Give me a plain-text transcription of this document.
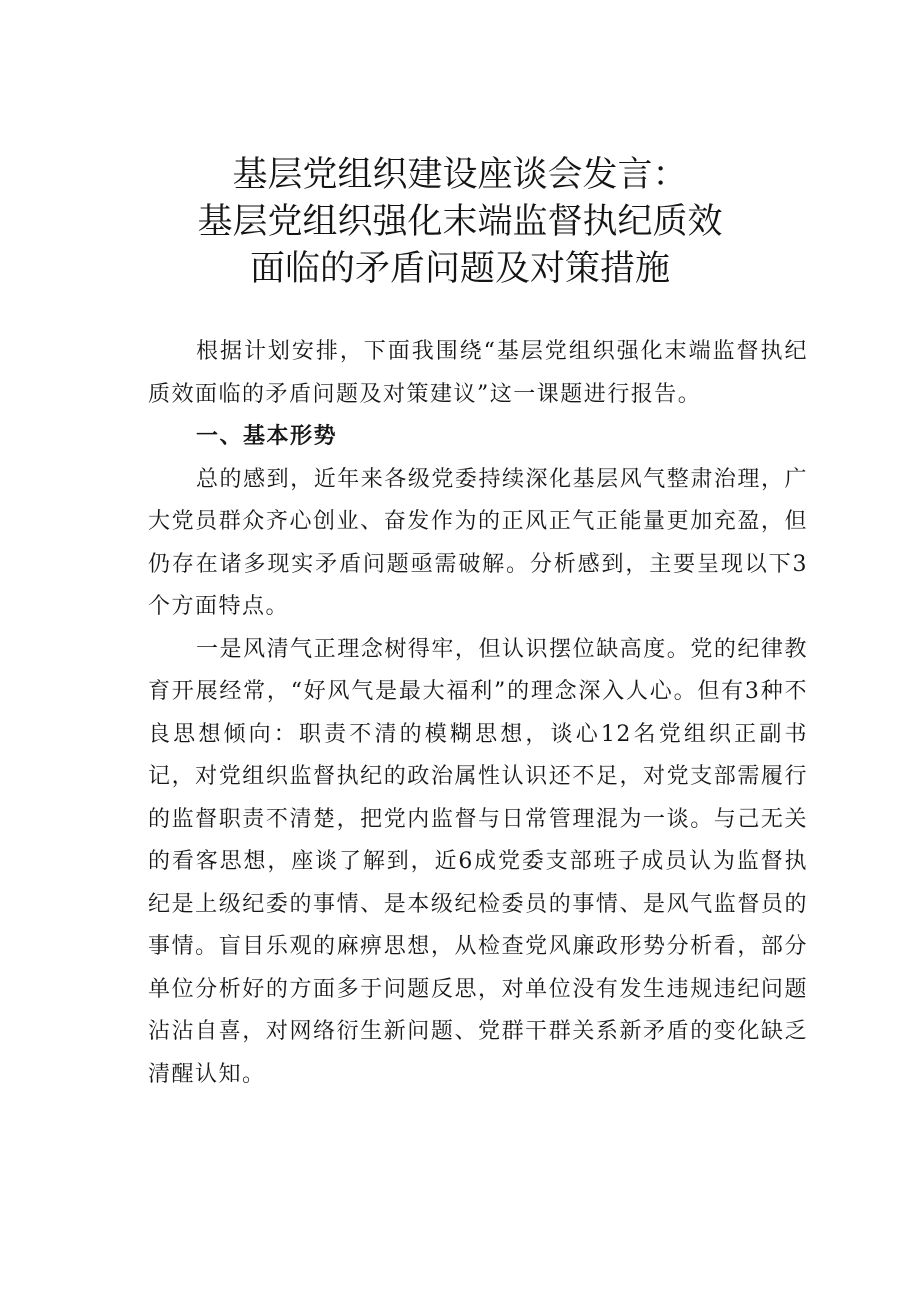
基层党组织建设座谈会发言：
基层党组织强化末端监督执纪质效
面临的矛盾问题及对策措施

根据计划安排，下面我围绕“基层党组织强化末端监督执纪质效面临的矛盾问题及对策建议”这一课题进行报告。

一、基本形势

总的感到，近年来各级党委持续深化基层风气整肃治理，广大党员群众齐心创业、奋发作为的正风正气正能量更加充盈，但仍存在诸多现实矛盾问题亟需破解。分析感到，主要呈现以下3个方面特点。

一是风清气正理念树得牢，但认识摆位缺高度。党的纪律教育开展经常，“好风气是最大福利”的理念深入人心。但有3种不良思想倾向：职责不清的模糊思想，谈心12名党组织正副书记，对党组织监督执纪的政治属性认识还不足，对党支部需履行的监督职责不清楚，把党内监督与日常管理混为一谈。与己无关的看客思想，座谈了解到，近6成党委支部班子成员认为监督执纪是上级纪委的事情、是本级纪检委员的事情、是风气监督员的事情。盲目乐观的麻痹思想，从检查党风廉政形势分析看，部分单位分析好的方面多于问题反思，对单位没有发生违规违纪问题沾沾自喜，对网络衍生新问题、党群干群关系新矛盾的变化缺乏清醒认知。
